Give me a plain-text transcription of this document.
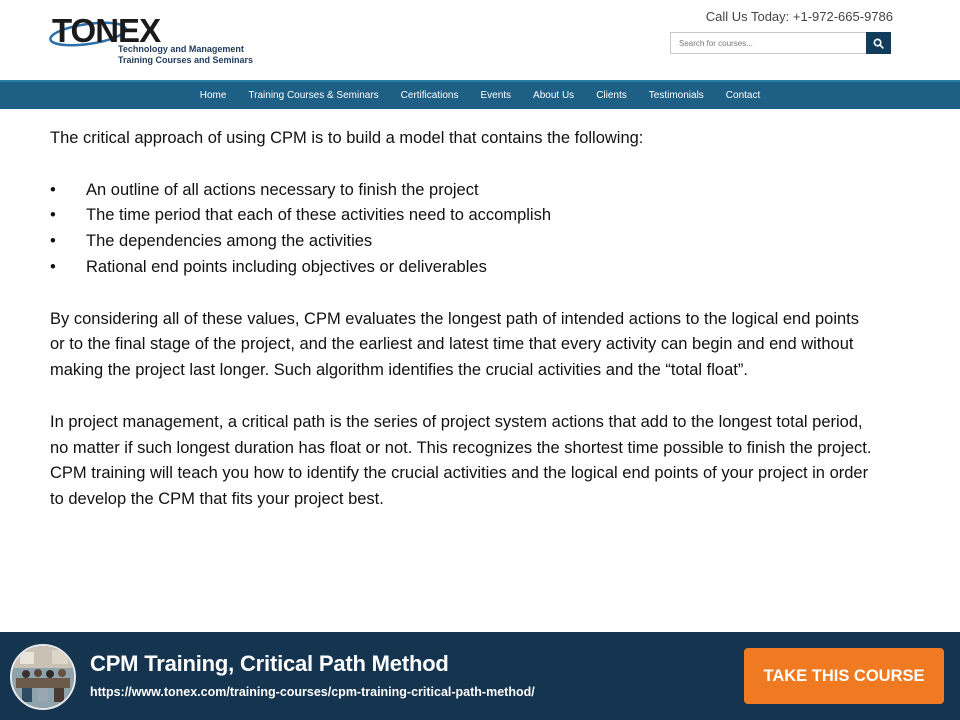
TONEX
Technology and Management
Training Courses and Seminars
Call Us Today: +1-972-665-9786
Search for courses...
Home	Training Courses & Seminars	Certifications	Events	About Us	Clients	Testimonials	Contact

The critical approach of using CPM is to build a model that contains the following:

• An outline of all actions necessary to finish the project
• The time period that each of these activities need to accomplish
• The dependencies among the activities
• Rational end points including objectives or deliverables

By considering all of these values, CPM evaluates the longest path of intended actions to the logical end points or to the final stage of the project, and the earliest and latest time that every activity can begin and end without making the project last longer. Such algorithm identifies the crucial activities and the “total float”.

In project management, a critical path is the series of project system actions that add to the longest total period, no matter if such longest duration has float or not. This recognizes the shortest time possible to finish the project. CPM training will teach you how to identify the crucial activities and the logical end points of your project in order to develop the CPM that fits your project best.

CPM Training, Critical Path Method
https://www.tonex.com/training-courses/cpm-training-critical-path-method/
TAKE THIS COURSE
